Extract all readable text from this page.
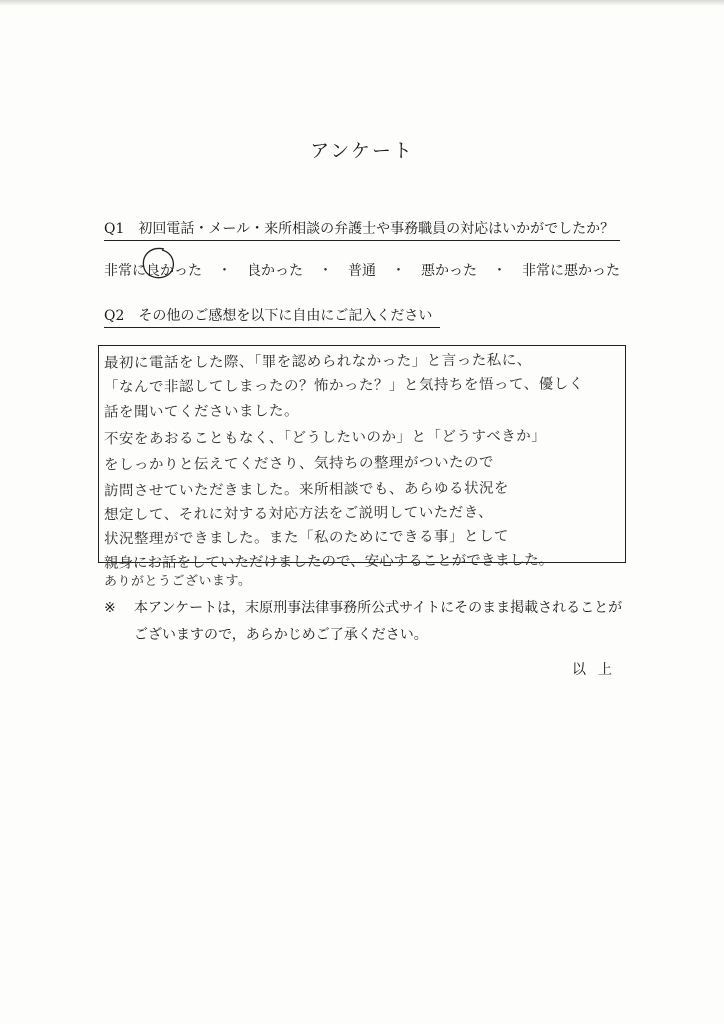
アンケート
Q1 初回電話・メール・来所相談の弁護士や事務職員の対応はいかがでしたか？
非常に良かった ・ 良かった ・ 普通 ・ 悪かった ・ 非常に悪かった
Q2 その他のご感想を以下に自由にご記入ください
最初に電話をした際、「罪を認められなかった」と言った私に、
「なんで非認してしまったの？怖かった？」と気持ちを悟って、優しく
話を聞いてくださいました。
不安をあおることもなく、「どうしたいのか」と「どうすべきか」
をしっかりと伝えてくださり、気持ちの整理がついたので
訪問させていただきました。来所相談でも、あらゆる状況を
想定して、それに対する対応方法をご説明していただき、
状況整理ができました。また「私のためにできる事」として
親身にお話をしていただけましたので、安心することができました。
ありがとうございます。
※	本アンケートは，末原刑事法律事務所公式サイトにそのまま掲載されることがございますので，あらかじめご了承ください。
以上
